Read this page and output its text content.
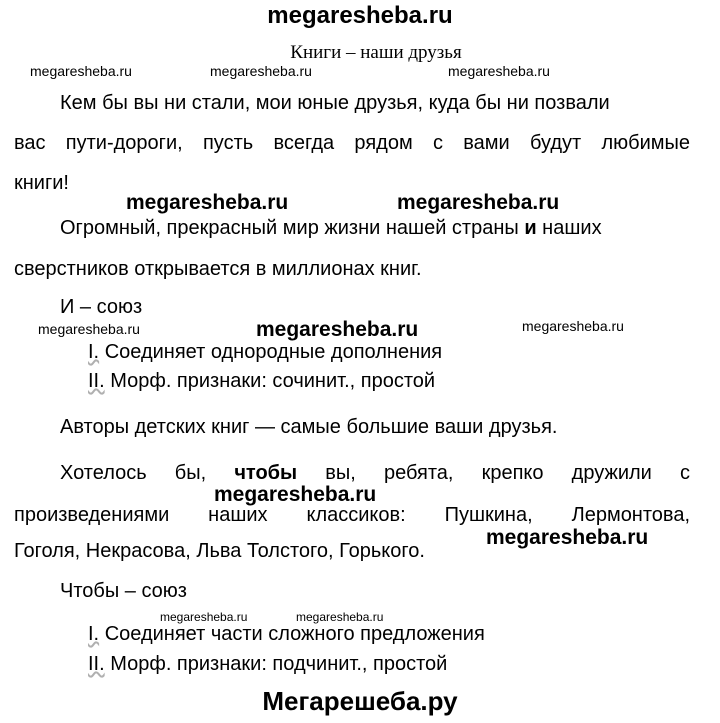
megaresheba.ru
Книги – наши друзья
megaresheba.ru	megaresheba.ru	megaresheba.ru
Кем бы вы ни стали, мои юные друзья, куда бы ни позвали
вас пути-дороги, пусть всегда рядом с вами будут любимые
книги!
megaresheba.ru	megaresheba.ru
Огромный, прекрасный мир жизни нашей страны и наших
сверстников открывается в миллионах книг.
И – союз
megaresheba.ru	megaresheba.ru	megaresheba.ru
I. Соединяет однородные дополнения
II. Морф. признаки: сочинит., простой
Авторы детских книг — самые большие ваши друзья.
Хотелось бы, чтобы вы, ребята, крепко дружили с
megaresheba.ru
произведениями наших классиков: Пушкина, Лермонтова,
Гоголя, Некрасова, Льва Толстого, Горького.
megaresheba.ru
Чтобы – союз
megaresheba.ru	megaresheba.ru
I. Соединяет части сложного предложения
II. Морф. признаки: подчинит., простой
Мегарешеба.ру
